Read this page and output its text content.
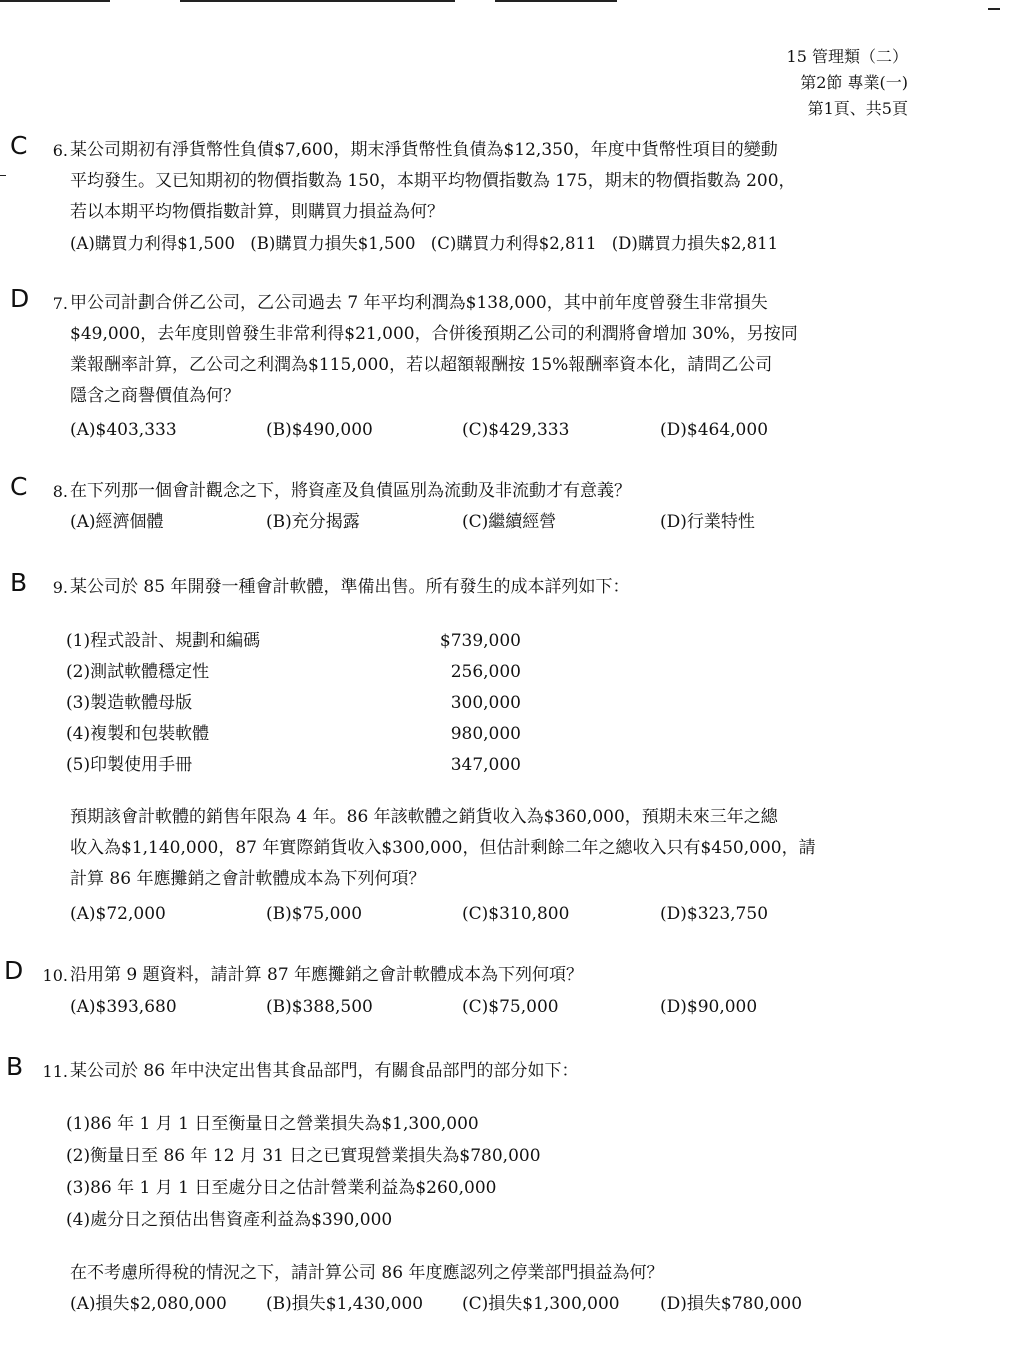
15 管理類（二）
第2節 專業(一)
第1頁、共5頁
C	6. 某公司期初有淨貨幣性負債$7,600，期末淨貨幣性負債為$12,350，年度中貨幣性項目的變動
平均發生。又已知期初的物價指數為 150，本期平均物價指數為 175，期末的物價指數為 200，
若以本期平均物價指數計算，則購買力損益為何？
(A)購買力利得$1,500 (B)購買力損失$1,500 (C)購買力利得$2,811 (D)購買力損失$2,811
D	7. 甲公司計劃合併乙公司，乙公司過去 7 年平均利潤為$138,000，其中前年度曾發生非常損失
$49,000，去年度則曾發生非常利得$21,000，合併後預期乙公司的利潤將會增加 30%，另按同
業報酬率計算，乙公司之利潤為$115,000，若以超額報酬按 15%報酬率資本化，請問乙公司
隱含之商譽價值為何？
(A)$403,333	(B)$490,000	(C)$429,333	(D)$464,000
C	8. 在下列那一個會計觀念之下，將資產及負債區別為流動及非流動才有意義？
(A)經濟個體	(B)充分揭露	(C)繼續經營	(D)行業特性
B	9. 某公司於 85 年開發一種會計軟體，準備出售。所有發生的成本詳列如下：
(1)程式設計、規劃和編碼	$739,000
(2)測試軟體穩定性	256,000
(3)製造軟體母版	300,000
(4)複製和包裝軟體	980,000
(5)印製使用手冊	347,000
預期該會計軟體的銷售年限為 4 年。86 年該軟體之銷貨收入為$360,000，預期未來三年之總
收入為$1,140,000，87 年實際銷貨收入$300,000，但估計剩餘二年之總收入只有$450,000，請
計算 86 年應攤銷之會計軟體成本為下列何項？
(A)$72,000	(B)$75,000	(C)$310,800	(D)$323,750
D	10. 沿用第 9 題資料，請計算 87 年應攤銷之會計軟體成本為下列何項？
(A)$393,680	(B)$388,500	(C)$75,000	(D)$90,000
B	11. 某公司於 86 年中決定出售其食品部門，有關食品部門的部分如下：
(1)86 年 1 月 1 日至衡量日之營業損失為$1,300,000
(2)衡量日至 86 年 12 月 31 日之已實現營業損失為$780,000
(3)86 年 1 月 1 日至處分日之估計營業利益為$260,000
(4)處分日之預估出售資產利益為$390,000
在不考慮所得稅的情況之下，請計算公司 86 年度應認列之停業部門損益為何？
(A)損失$2,080,000 (B)損失$1,430,000 (C)損失$1,300,000 (D)損失$780,000
